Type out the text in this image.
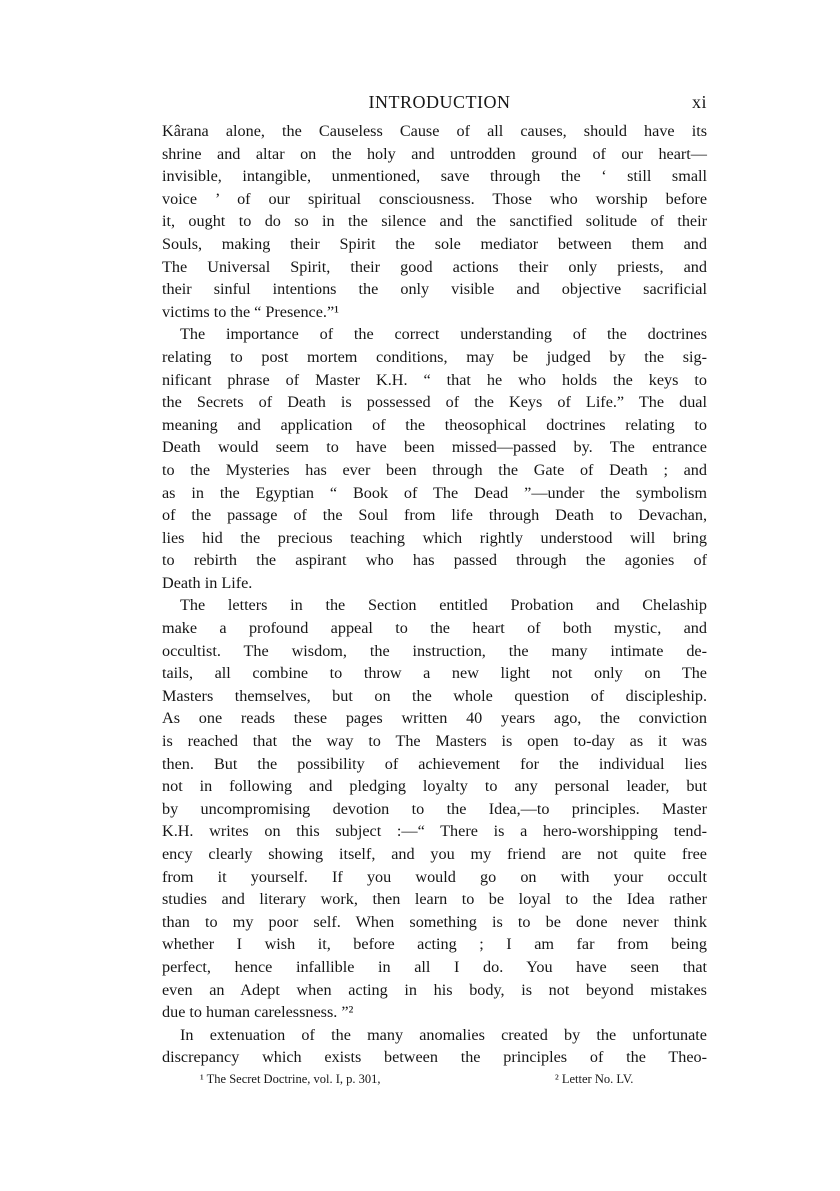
INTRODUCTION	xi
Kârana alone, the Causeless Cause of all causes, should have its
shrine and altar on the holy and untrodden ground of our heart—
invisible, intangible, unmentioned, save through the ‘ still small
voice ’ of our spiritual consciousness. Those who worship before
it, ought to do so in the silence and the sanctified solitude of their
Souls, making their Spirit the sole mediator between them and
The Universal Spirit, their good actions their only priests, and
their sinful intentions the only visible and objective sacrificial
victims to the “ Presence.”¹
The importance of the correct understanding of the doctrines
relating to post mortem conditions, may be judged by the sig-
nificant phrase of Master K.H. “ that he who holds the keys to
the Secrets of Death is possessed of the Keys of Life.” The dual
meaning and application of the theosophical doctrines relating to
Death would seem to have been missed—passed by. The entrance
to the Mysteries has ever been through the Gate of Death ; and
as in the Egyptian “ Book of The Dead ”—under the symbolism
of the passage of the Soul from life through Death to Devachan,
lies hid the precious teaching which rightly understood will bring
to rebirth the aspirant who has passed through the agonies of
Death in Life.
The letters in the Section entitled Probation and Chelaship
make a profound appeal to the heart of both mystic, and
occultist. The wisdom, the instruction, the many intimate de-
tails, all combine to throw a new light not only on The
Masters themselves, but on the whole question of discipleship.
As one reads these pages written 40 years ago, the conviction
is reached that the way to The Masters is open to-day as it was
then. But the possibility of achievement for the individual lies
not in following and pledging loyalty to any personal leader, but
by uncompromising devotion to the Idea,—to principles. Master
K.H. writes on this subject :—“ There is a hero-worshipping tend-
ency clearly showing itself, and you my friend are not quite free
from it yourself. If you would go on with your occult
studies and literary work, then learn to be loyal to the Idea rather
than to my poor self. When something is to be done never think
whether I wish it, before acting ; I am far from being
perfect, hence infallible in all I do. You have seen that
even an Adept when acting in his body, is not beyond mistakes
due to human carelessness. ”²
In extenuation of the many anomalies created by the unfortunate
discrepancy which exists between the principles of the Theo-
¹ The Secret Doctrine, vol. I, p. 301,	² Letter No. LV.
